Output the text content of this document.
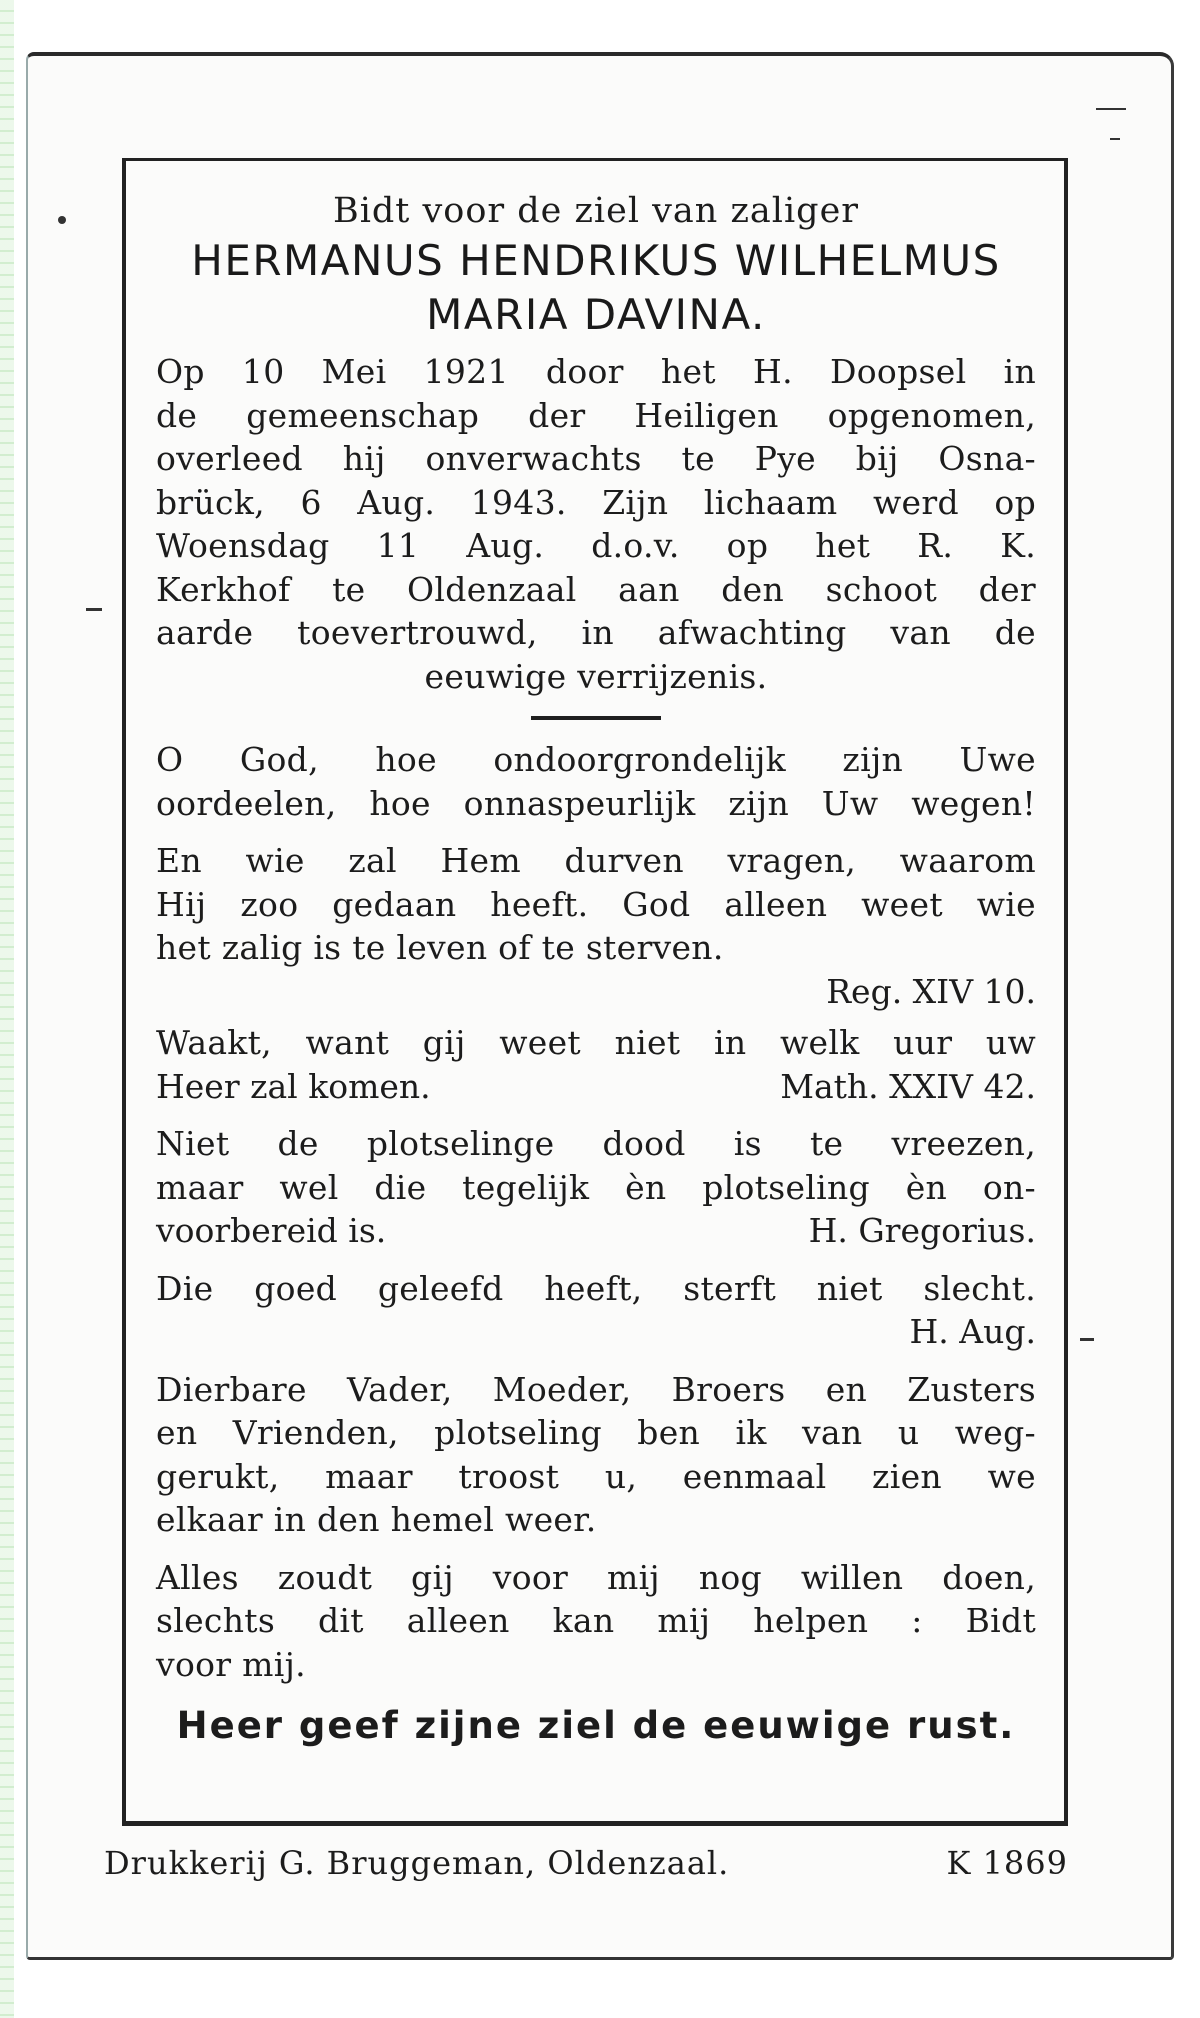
Bidt voor de ziel van zaliger

HERMANUS HENDRIKUS WILHELMUS

MARIA DAVINA.

Op 10 Mei 1921 door het H. Doopsel in

de gemeenschap der Heiligen opgenomen,

overleed hij onverwachts te Pye bij Osna-

brück, 6 Aug. 1943. Zijn lichaam werd op

Woensdag 11 Aug. d.o.v. op het R. K.

Kerkhof te Oldenzaal aan den schoot der

aarde toevertrouwd, in afwachting van de

eeuwige verrijzenis.

O God, hoe ondoorgrondelijk zijn Uwe

oordeelen, hoe onnaspeurlijk zijn Uw wegen!

En wie zal Hem durven vragen, waarom

Hij zoo gedaan heeft. God alleen weet wie

het zalig is te leven of te sterven.

Reg. XIV 10.

Waakt, want gij weet niet in welk uur uw

Heer zal komen.	Math. XXIV 42.

Niet de plotselinge dood is te vreezen,

maar wel die tegelijk èn plotseling èn on-

voorbereid is.	H. Gregorius.

Die goed geleefd heeft, sterft niet slecht.

H. Aug.

Dierbare Vader, Moeder, Broers en Zusters

en Vrienden, plotseling ben ik van u weg-

gerukt, maar troost u, eenmaal zien we

elkaar in den hemel weer.

Alles zoudt gij voor mij nog willen doen,

slechts dit alleen kan mij helpen : Bidt

voor mij.

Heer geef zijne ziel de eeuwige rust.

Drukkerij G. Bruggeman, Oldenzaal.	K 1869
